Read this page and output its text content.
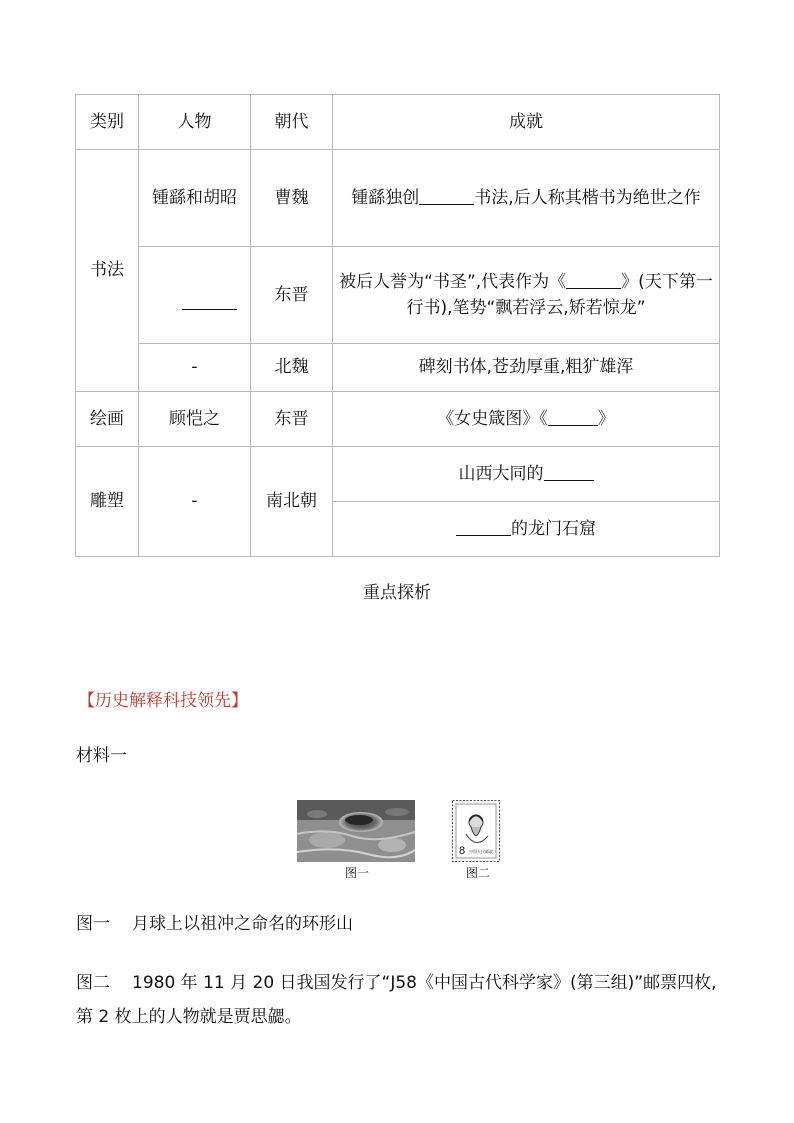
类别	人物	朝代	成就
书法	锺繇和胡昭	曹魏	锺繇独创 书法,后人称其楷书为绝世之作
		东晋	被后人誉为“书圣”,代表作为《 》(天下第一行书),笔势“飘若浮云,矫若惊龙”
	-	北魏	碑刻书体,苍劲厚重,粗犷雄浑
绘画	顾恺之	东晋	《女史箴图》《 》
雕塑	-	南北朝	山西大同的
			的龙门石窟
重点探析
【历史解释科技领先】
材料一
图一
8 中国人民邮政
图二
图一 月球上以祖冲之命名的环形山
图二 1980 年 11 月 20 日我国发行了“J58《中国古代科学家》(第三组)”邮票四枚,第 2 枚上的人物就是贾思勰。
